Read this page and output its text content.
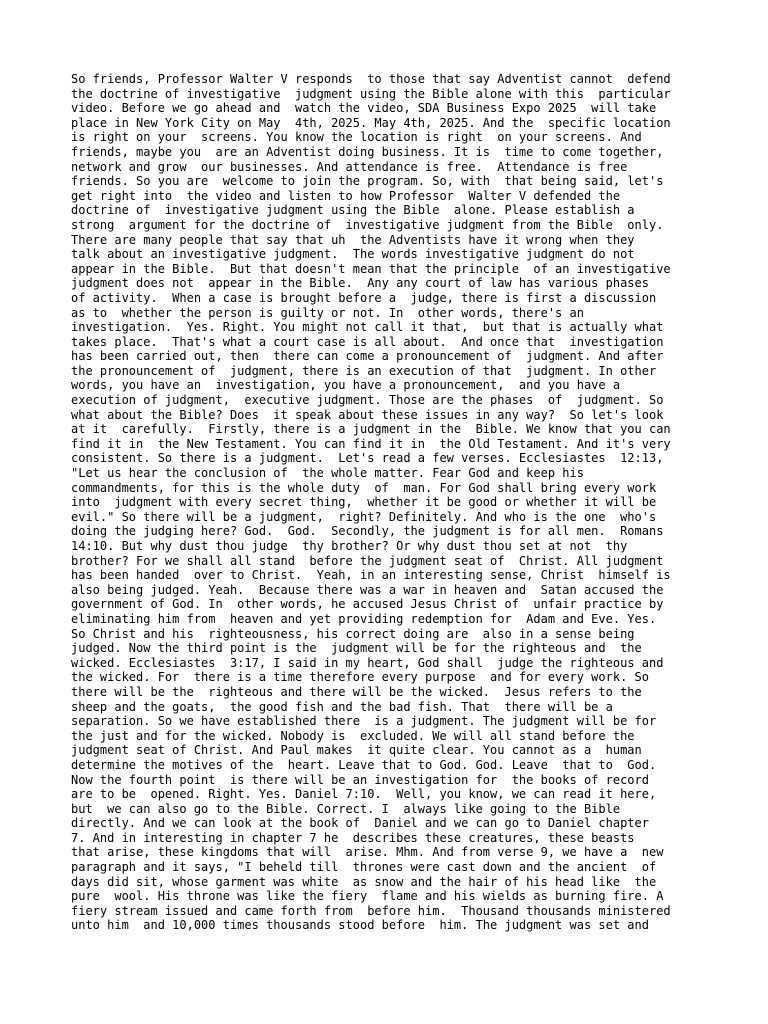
So friends, Professor Walter V responds  to those that say Adventist cannot  defend
the doctrine of investigative  judgment using the Bible alone with this  particular
video. Before we go ahead and  watch the video, SDA Business Expo 2025  will take
place in New York City on May  4th, 2025. May 4th, 2025. And the  specific location
is right on your  screens. You know the location is right  on your screens. And
friends, maybe you  are an Adventist doing business. It is  time to come together,
network and grow  our businesses. And attendance is free.  Attendance is free
friends. So you are  welcome to join the program. So, with  that being said, let's
get right into  the video and listen to how Professor  Walter V defended the
doctrine of  investigative judgment using the Bible  alone. Please establish a
strong  argument for the doctrine of  investigative judgment from the Bible  only.
There are many people that say that uh  the Adventists have it wrong when they
talk about an investigative judgment.  The words investigative judgment do not
appear in the Bible.  But that doesn't mean that the principle  of an investigative
judgment does not  appear in the Bible.  Any any court of law has various phases
of activity.  When a case is brought before a  judge, there is first a discussion
as to  whether the person is guilty or not. In  other words, there's an
investigation.  Yes. Right. You might not call it that,  but that is actually what
takes place.  That's what a court case is all about.  And once that  investigation
has been carried out, then  there can come a pronouncement of  judgment. And after
the pronouncement of  judgment, there is an execution of that  judgment. In other
words, you have an  investigation, you have a pronouncement,  and you have a
execution of judgment,  executive judgment. Those are the phases  of  judgment. So
what about the Bible? Does  it speak about these issues in any way?  So let's look
at it  carefully.  Firstly, there is a judgment in the  Bible. We know that you can
find it in  the New Testament. You can find it in  the Old Testament. And it's very
consistent. So there is a judgment.  Let's read a few verses. Ecclesiastes  12:13,
"Let us hear the conclusion of  the whole matter. Fear God and keep his
commandments, for this is the whole duty  of  man. For God shall bring every work
into  judgment with every secret thing,  whether it be good or whether it will be
evil." So there will be a judgment,  right? Definitely. And who is the one  who's
doing the judging here? God.  God.  Secondly, the judgment is for all men.  Romans
14:10. But why dust thou judge  thy brother? Or why dust thou set at not  thy
brother? For we shall all stand  before the judgment seat of  Christ. All judgment
has been handed  over to Christ.  Yeah, in an interesting sense, Christ  himself is
also being judged. Yeah.  Because there was a war in heaven and  Satan accused the
government of God. In  other words, he accused Jesus Christ of  unfair practice by
eliminating him from  heaven and yet providing redemption for  Adam and Eve. Yes.
So Christ and his  righteousness, his correct doing are  also in a sense being
judged. Now the third point is the  judgment will be for the righteous and  the
wicked. Ecclesiastes  3:17, I said in my heart, God shall  judge the righteous and
the wicked. For  there is a time therefore every purpose  and for every work. So
there will be the  righteous and there will be the wicked.  Jesus refers to the
sheep and the goats,  the good fish and the bad fish. That  there will be a
separation. So we have established there  is a judgment. The judgment will be for
the just and for the wicked. Nobody is  excluded. We will all stand before the
judgment seat of Christ. And Paul makes  it quite clear. You cannot as a  human
determine the motives of the  heart. Leave that to God. God. Leave  that to  God.
Now the fourth point  is there will be an investigation for  the books of record
are to be  opened. Right. Yes. Daniel 7:10.  Well, you know, we can read it here,
but  we can also go to the Bible. Correct. I  always like going to the Bible
directly. And we can look at the book of  Daniel and we can go to Daniel chapter
7. And in interesting in chapter 7 he  describes these creatures, these beasts
that arise, these kingdoms that will  arise. Mhm. And from verse 9, we have a  new
paragraph and it says, "I beheld till  thrones were cast down and the ancient  of
days did sit, whose garment was white  as snow and the hair of his head like  the
pure  wool. His throne was like the fiery  flame and his wields as burning fire. A
fiery stream issued and came forth from  before him.  Thousand thousands ministered
unto him  and 10,000 times thousands stood before  him. The judgment was set and
